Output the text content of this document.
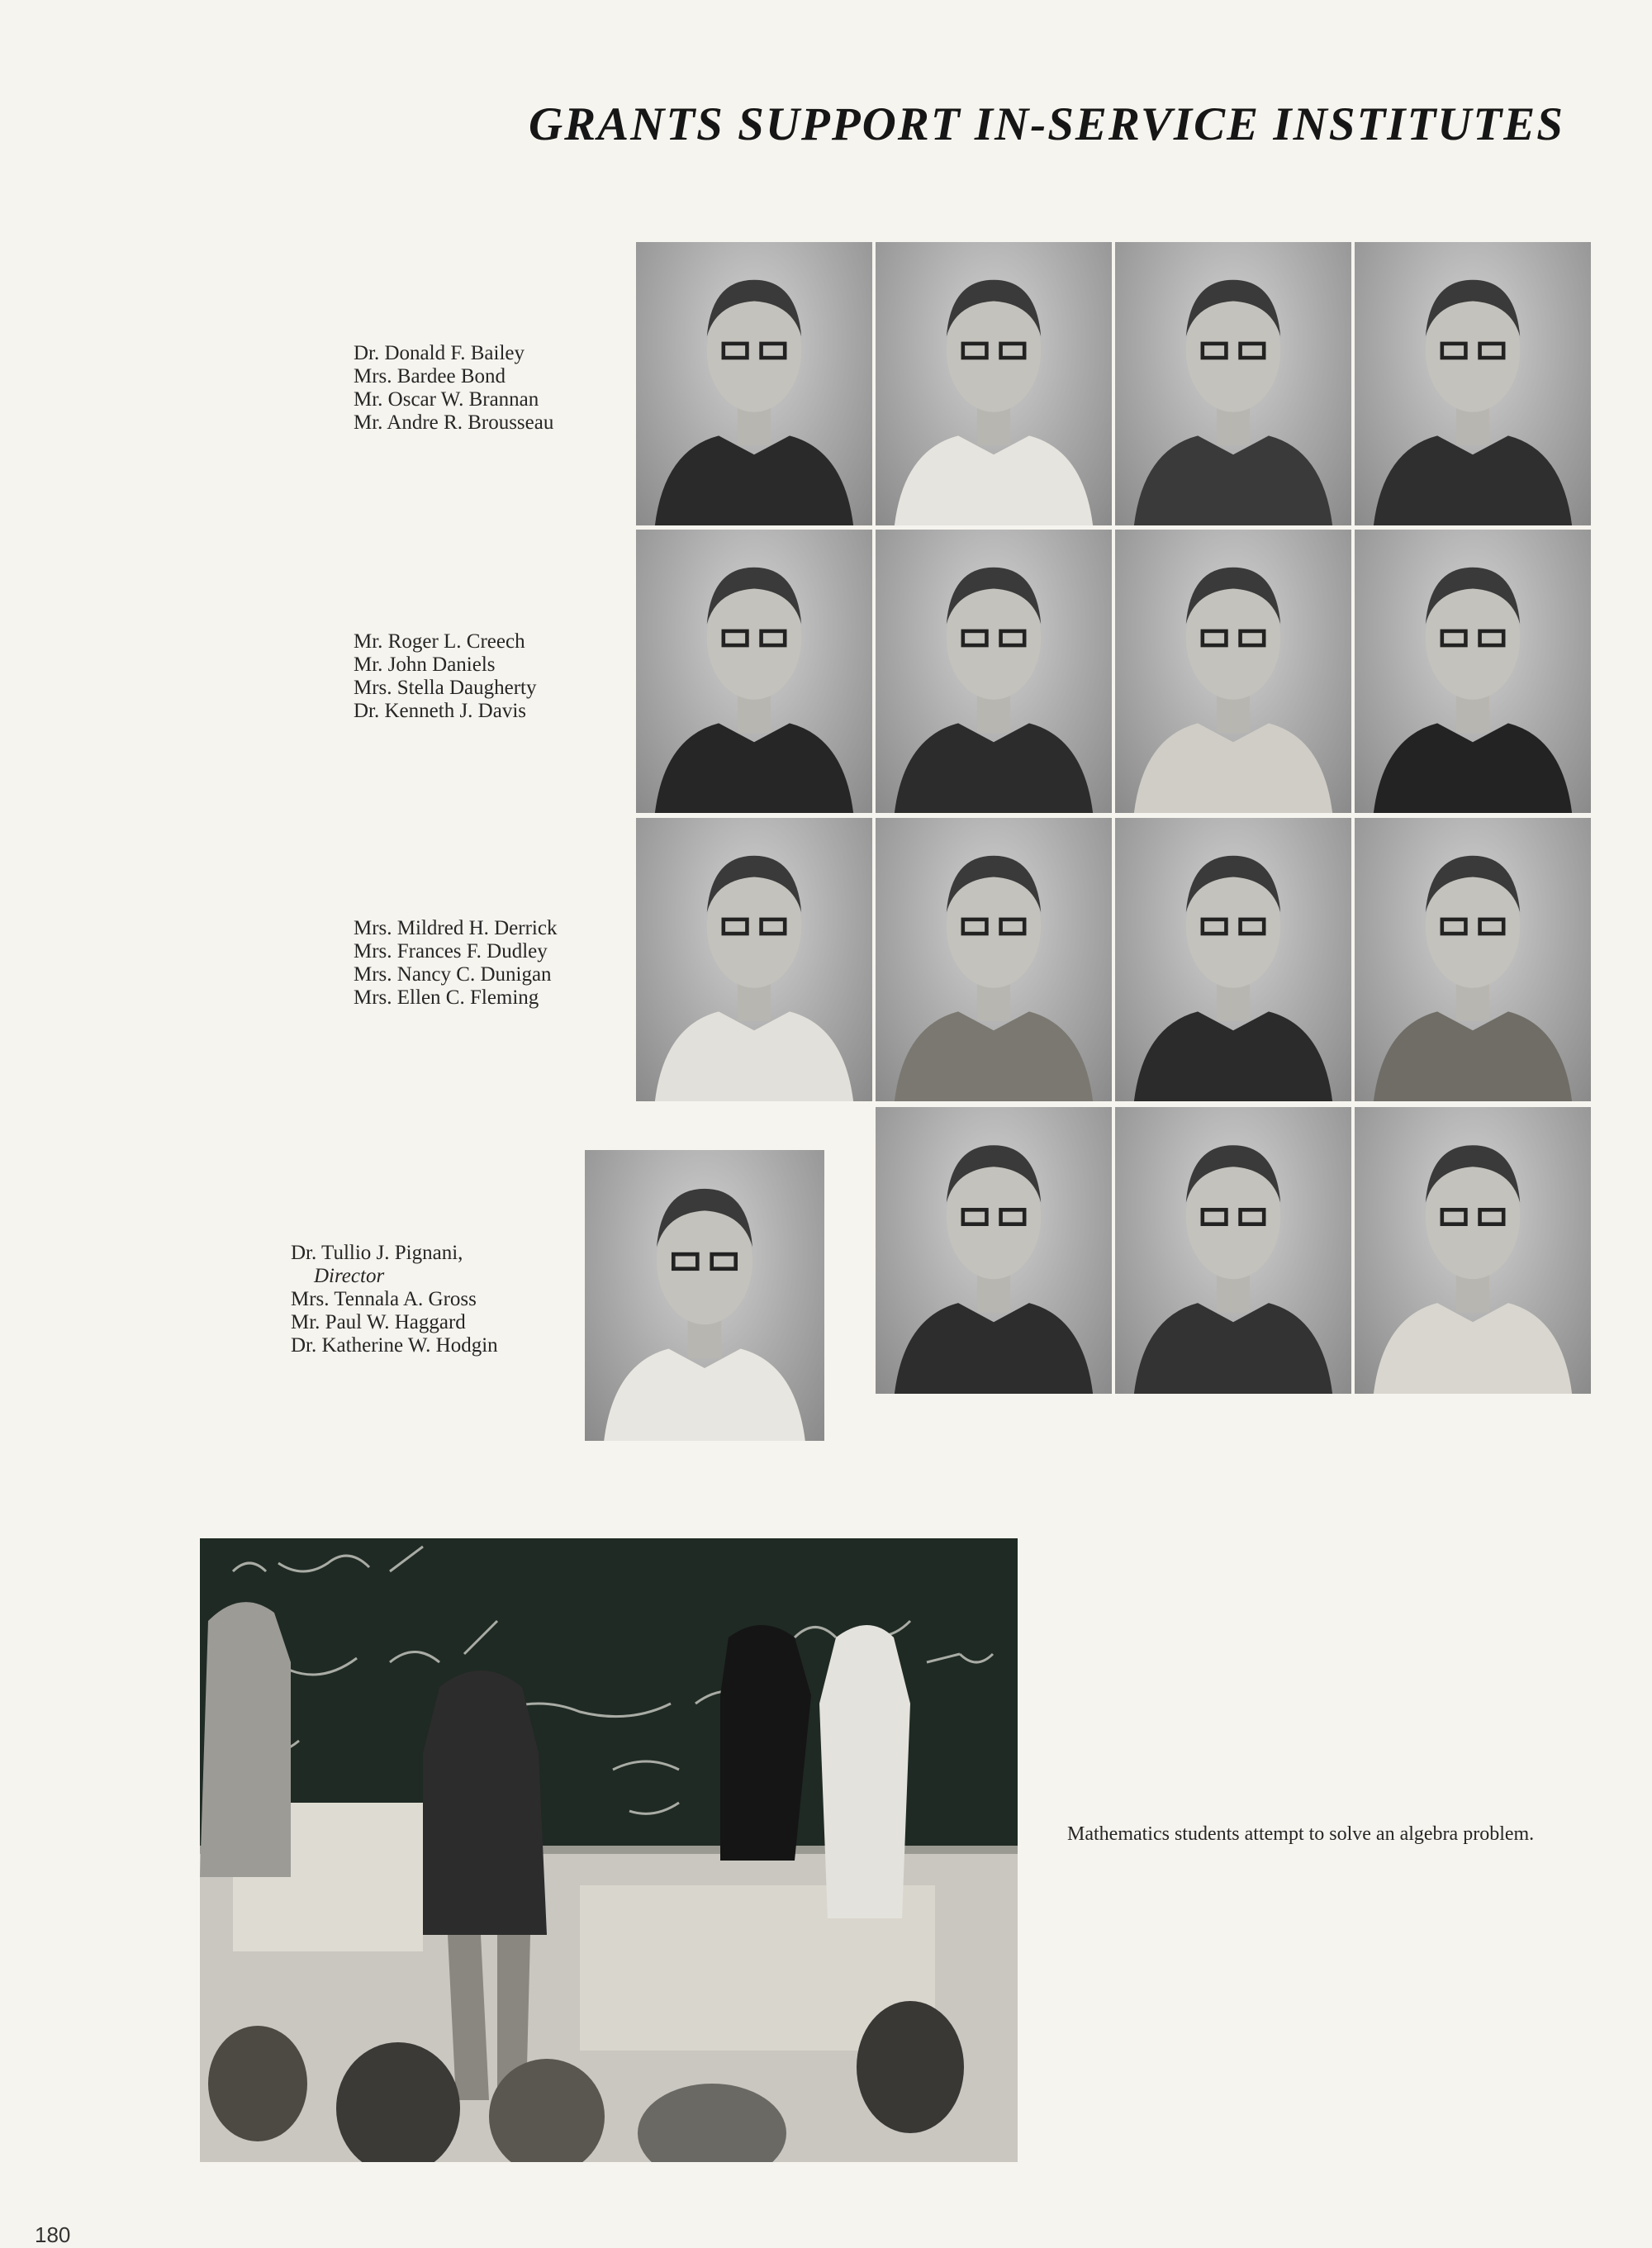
GRANTS SUPPORT IN-SERVICE INSTITUTES
Dr. Donald F. Bailey
Mrs. Bardee Bond
Mr. Oscar W. Brannan
Mr. Andre R. Brousseau
Mr. Roger L. Creech
Mr. John Daniels
Mrs. Stella Daugherty
Dr. Kenneth J. Davis
Mrs. Mildred H. Derrick
Mrs. Frances F. Dudley
Mrs. Nancy C. Dunigan
Mrs. Ellen C. Fleming
Dr. Tullio J. Pignani,
Director
Mrs. Tennala A. Gross
Mr. Paul W. Haggard
Dr. Katherine W. Hodgin
Mathematics students attempt to solve an algebra problem.
180
